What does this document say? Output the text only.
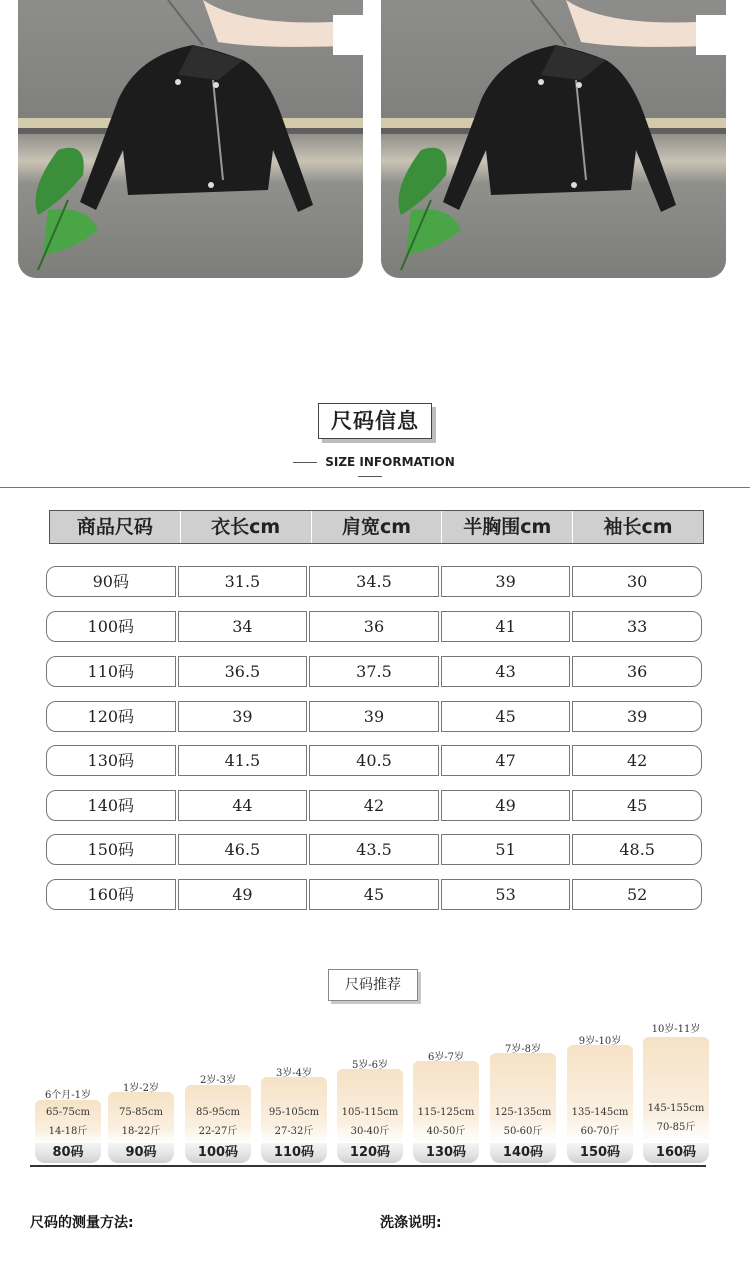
尺码信息
SIZE INFORMATION
商品尺码	衣长cm	肩宽cm	半胸围cm	袖长cm
90码	31.5	34.5	39	30
100码	34	36	41	33
110码	36.5	37.5	43	36
120码	39	39	45	39
130码	41.5	40.5	47	42
140码	44	42	49	45
150码	46.5	43.5	51	48.5
160码	49	45	53	52
尺码推荐
6个月-1岁
65-75cm
14-18斤
80码
1岁-2岁
75-85cm
18-22斤
90码
2岁-3岁
85-95cm
22-27斤
100码
3岁-4岁
95-105cm
27-32斤
110码
5岁-6岁
105-115cm
30-40斤
120码
6岁-7岁
115-125cm
40-50斤
130码
7岁-8岁
125-135cm
50-60斤
140码
9岁-10岁
135-145cm
60-70斤
150码
10岁-11岁
145-155cm
70-85斤
160码
尺码的测量方法:	洗涤说明:
